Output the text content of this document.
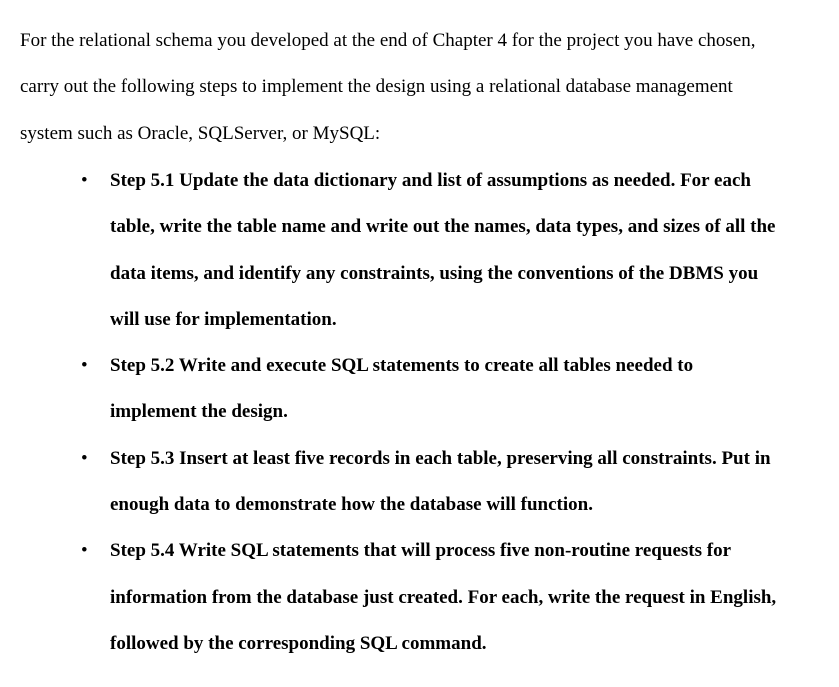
For the relational schema you developed at the end of Chapter 4 for the project you have chosen,
carry out the following steps to implement the design using a relational database management
system such as Oracle, SQLServer, or MySQL:

• Step 5.1 Update the data dictionary and list of assumptions as needed. For each
table, write the table name and write out the names, data types, and sizes of all the
data items, and identify any constraints, using the conventions of the DBMS you
will use for implementation.
• Step 5.2 Write and execute SQL statements to create all tables needed to
implement the design.
• Step 5.3 Insert at least five records in each table, preserving all constraints. Put in
enough data to demonstrate how the database will function.
• Step 5.4 Write SQL statements that will process five non-routine requests for
information from the database just created. For each, write the request in English,
followed by the corresponding SQL command.
